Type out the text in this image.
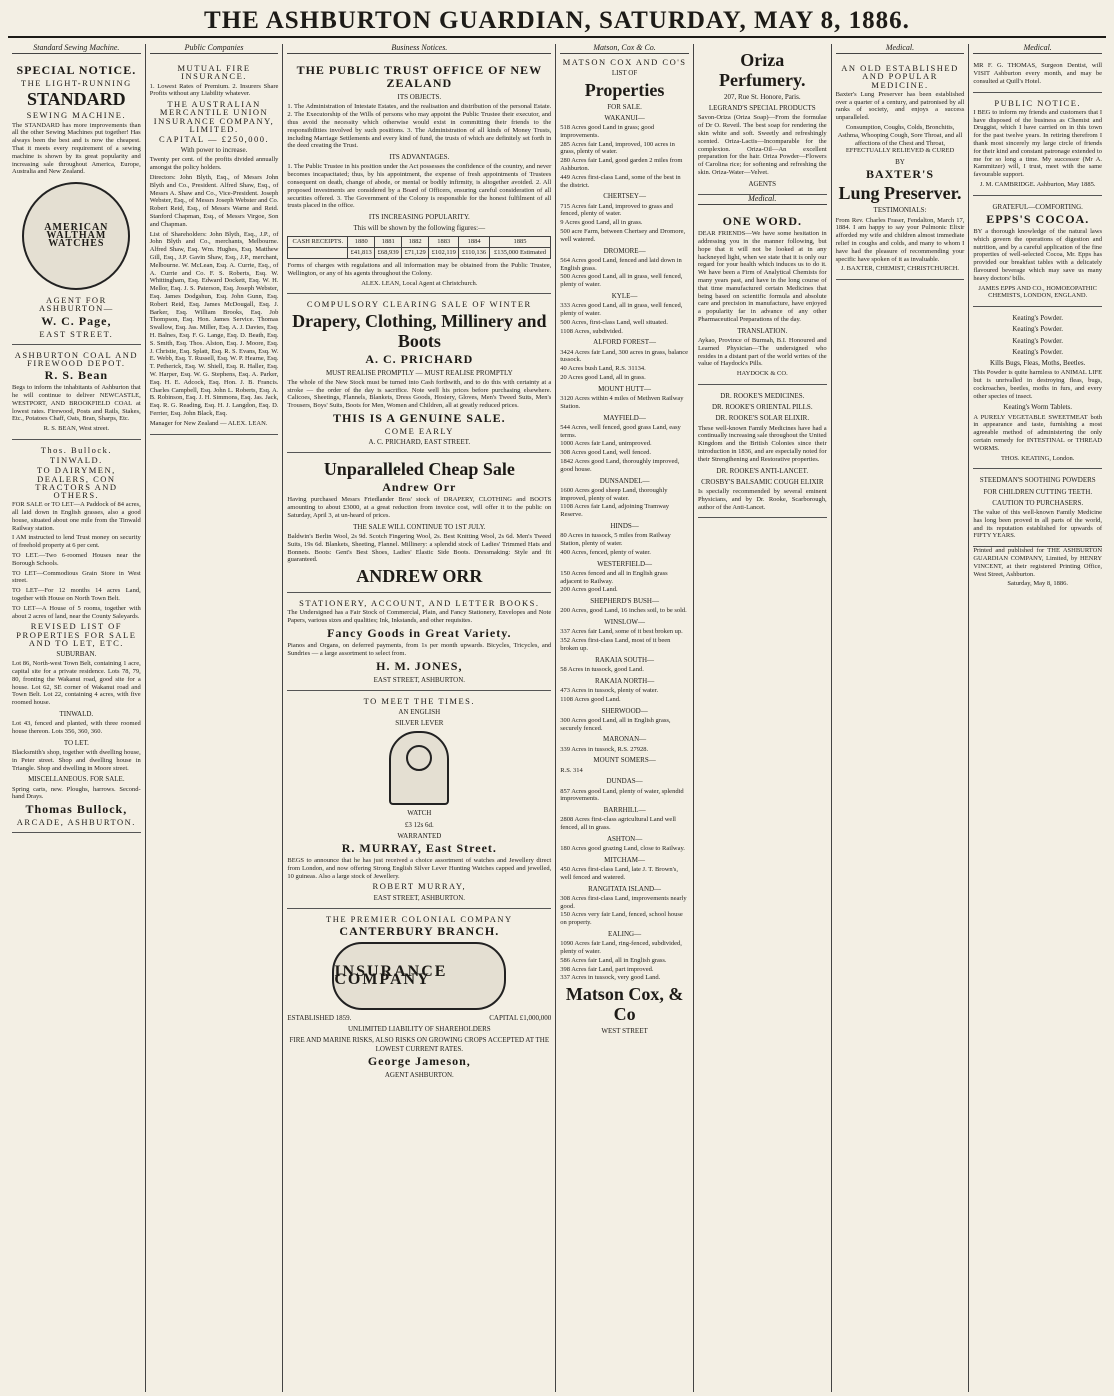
THE ASHBURTON GUARDIAN, SATURDAY, MAY 8, 1886.
Standard Sewing Machine.
SPECIAL NOTICE.
THE LIGHT-RUNNING
STANDARD
SEWING MACHINE.

The STANDARD has more improvements than all the other Sewing Machines put together! Has always been the best and is now the cheapest. That it meets every requirement of a sewing machine is shown by its great popularity and increasing sale throughout America, Europe, Australia and New Zealand.

AMERICAN WALTHAM WATCHES
AGENT FOR ASHBURTON—
W. C. Page,
EAST STREET.
ASHBURTON COAL AND FIREWOOD DEPOT.
R. S. Bean

Begs to inform the inhabitants of Ashburton that he will continue to deliver NEWCASTLE, WESTPORT, AND BROOKFIELD COAL at lowest rates. Firewood, Posts and Rails, Stakes, Etc., Potatoes Chaff, Oats, Bran, Sharps, Etc.

R. S. BEAN, West street.

Thos. Bullock.
TINWALD.
TO DAIRYMEN, DEALERS, CON TRACTORS AND OTHERS.

FOR SALE or TO LET—A Paddock of 84 acres, all laid down in English grasses, also a good house, situated about one mile from the Tinwald Railway station.

I AM instructed to lend Trust money on security of freehold property at 6 per cent.

TO LET.—Two 6-roomed Houses near the Borough Schools.

TO LET—Commodious Grain Store in West street.

TO LET—For 12 months 14 acres Land, together with House on North Town Belt.

TO LET—A House of 5 rooms, together with about 2 acres of land, near the County Saleyards.

REVISED LIST OF PROPERTIES FOR SALE AND TO LET, ETC.
SUBURBAN.

Lot 86, North-west Town Belt, containing 1 acre, capital site for a private residence. Lots 78, 79, 80, fronting the Wakanui road, good site for a house. Lot 62, SE corner of Wakanui road and Town Belt. Lot 22, containing 4 acres, with five roomed house.

TINWALD.

Lot 43, fenced and planted, with three roomed house thereon. Lots 356, 360, 360.

TO LET.

Blacksmith's shop, together with dwelling house, in Peter street. Shop and dwelling house in Triangle. Shop and dwelling in Moore street.

MISCELLANEOUS. FOR SALE.

Spring carts, new. Ploughs, harrows. Second-hand Drays.

Thomas Bullock,
ARCADE, ASHBURTON.
Public Companies
MUTUAL FIRE INSURANCE.

1. Lowest Rates of Premium. 2. Insurers Share Profits without any Liability whatever.

THE AUSTRALIAN MERCANTILE UNION INSURANCE COMPANY, LIMITED.
CAPITAL — £250,000.
With power to increase.

Twenty per cent. of the profits divided annually amongst the policy holders.

Directors: John Blyth, Esq., of Messrs John Blyth and Co., President. Alfred Shaw, Esq., of Messrs A. Shaw and Co., Vice-President. Joseph Webster, Esq., of Messrs Joseph Webster and Co. Robert Reid, Esq., of Messrs Warne and Reid. Stanford Chapman, Esq., of Messrs Virgoe, Son and Chapman.

List of Shareholders: John Blyth, Esq., J.P., of John Blyth and Co., merchants, Melbourne. Alfred Shaw, Esq. Wm. Hughes, Esq. Matthew Gill, Esq., J.P. Gavin Shaw, Esq., J.P., merchant, Melbourne. W. McLean, Esq. A. Currie, Esq., of A. Currie and Co. F. S. Roberts, Esq. W. Whittingham, Esq. Edward Dockett, Esq. W. H. Mellor, Esq. J. S. Paterson, Esq. Joseph Webster, Esq. James Dodgshun, Esq. John Gunn, Esq. Robert Reid, Esq. James McDougall, Esq. J. Barker, Esq. William Brooks, Esq. Job Thompson, Esq. Hon. James Service. Thomas Swallow, Esq. Jas. Miller, Esq. A. J. Davies, Esq. H. Balnes, Esq. F. G. Lange, Esq. D. Beath, Esq. S. Smith, Esq. Thos. Alston, Esq. J. Moore, Esq. J. Christie, Esq. Splatt, Esq. R. S. Evans, Esq. W. E. Webb, Esq. T. Russell, Esq. W. P. Hearne, Esq. T. Petherick, Esq. W. Shiell, Esq. R. Haller, Esq. W. Harper, Esq. W. G. Stephens, Esq. A. Parker, Esq. H. E. Adcock, Esq. Hon. J. B. Francis. Charles Campbell, Esq. John L. Roberts, Esq. A. B. Robinson, Esq. J. H. Simmons, Esq. Jas. Jack, Esq. R. G. Reading, Esq. H. J. Langdon, Esq. D. Ferrier, Esq. John Black, Esq.

Manager for New Zealand — ALEX. LEAN.

Business Notices.
THE PUBLIC TRUST OFFICE OF NEW ZEALAND
ITS OBJECTS.

1. The Administration of Intestate Estates, and the realisation and distribution of the personal Estate. 2. The Executorship of the Wills of persons who may appoint the Public Trustee their executor, and thus avoid the necessity which otherwise would exist in committing their friends to the responsibilities involved by such positions. 3. The Administration of all kinds of Money Trusts, including Marriage Settlements and every kind of fund, the trusts of which are definitely set forth in the deed creating the Trust.

ITS ADVANTAGES.

1. The Public Trustee in his position under the Act possesses the confidence of the country, and never becomes incapacitated; thus, by his appointment, the expense of fresh appointments of Trustees consequent on death, change of abode, or mental or bodily infirmity, is altogether avoided. 2. All proposed investments are considered by a Board of Officers, ensuring careful consideration of all securities offered. 3. The Government of the Colony is responsible for the honest fulfilment of all trusts placed in the office.

ITS INCREASING POPULARITY.
This will be shown by the following figures:—
CASH RECEIPTS.	1880	1881	1882	1883	1884	1885
	£41,813	£68,939	£71,129	£102,119	£110,136	£135,000 Estimated

Forms of charges with regulations and all information may be obtained from the Public Trustee, Wellington, or any of his agents throughout the Colony.

ALEX. LEAN, Local Agent at Christchurch.

COMPULSORY CLEARING SALE OF WINTER
Drapery, Clothing, Millinery and Boots
A. C. PRICHARD
MUST REALISE PROMPTLY — MUST REALISE PROMPTLY

The whole of the New Stock must be turned into Cash forthwith, and to do this with certainty at a stroke — the order of the day is sacrifice. Note well his prices before purchasing elsewhere. Calicoes, Sheetings, Flannels, Blankets, Dress Goods, Hosiery, Gloves, Men's Tweed Suits, Men's Trousers, Boys' Suits, Boots for Men, Women and Children, all at greatly reduced prices.

THIS IS A GENUINE SALE.
COME EARLY
A. C. PRICHARD, EAST STREET.
Unparalleled Cheap Sale
Andrew Orr

Having purchased Messrs Friedlander Bros' stock of DRAPERY, CLOTHING and BOOTS amounting to about £3000, at a great reduction from invoice cost, will offer it to the public on Saturday, April 3, at un-heard of prices.

THE SALE WILL CONTINUE TO 1ST JULY.

Baldwin's Berlin Wool, 2s 9d. Scotch Fingering Wool, 2s. Best Knitting Wool, 2s 6d. Men's Tweed Suits, 19s 6d. Blankets, Sheeting, Flannel. Millinery: a splendid stock of Ladies' Trimmed Hats and Bonnets. Boots: Gent's Best Shoes, Ladies' Elastic Side Boots. Dressmaking: Style and fit guaranteed.

ANDREW ORR
STATIONERY, ACCOUNT, AND LETTER BOOKS.

The Undersigned has a Fair Stock of Commercial, Plain, and Fancy Stationery, Envelopes and Note Papers, various sizes and qualities; Ink, Inkstands, and other requisites.

Fancy Goods in Great Variety.

Pianos and Organs, on deferred payments, from 1s per month upwards. Bicycles, Tricycles, and Sundries — a large assortment to select from.

H. M. JONES,
EAST STREET, ASHBURTON.
TO MEET THE TIMES.
AN ENGLISH
SILVER LEVER
WATCH
£3 12s 6d.
WARRANTED
R. MURRAY, East Street.

BEGS to announce that he has just received a choice assortment of watches and Jewellery direct from London, and now offering Strong English Silver Lever Hunting Watches capped and jewelled, 10 guineas. Also a large stock of Jewellery.

ROBERT MURRAY,
EAST STREET, ASHBURTON.
THE PREMIER COLONIAL COMPANY
CANTERBURY BRANCH.
INSURANCE COMPANY
ESTABLISHED 1859.	CAPITAL £1,000,000
UNLIMITED LIABILITY OF SHAREHOLDERS
FIRE AND MARINE RISKS, ALSO RISKS ON GROWING CROPS ACCEPTED AT THE LOWEST CURRENT RATES.
George Jameson,
AGENT ASHBURTON.
Matson, Cox & Co.
MATSON COX AND CO'S
LIST OF
Properties
FOR SALE.
WAKANUI—

518 Acres good Land in grass; good improvements.

285 Acres fair Land, improved, 100 acres in grass, plenty of water.

280 Acres fair Land, good garden 2 miles from Ashburton.

449 Acres first-class Land, some of the best in the district.

CHERTSEY—

715 Acres fair Land, improved to grass and fenced, plenty of water.

9 Acres good Land, all in grass.

500 acre Farm, between Chertsey and Dromore, well watered.

DROMORE—

564 Acres good Land, fenced and laid down in English grass.

500 Acres good Land, all in grass, well fenced, plenty of water.

KYLE—

333 Acres good Land, all in grass, well fenced, plenty of water.

500 Acres, first-class Land, well situated.

1108 Acres, subdivided.

ALFORD FOREST—

3424 Acres fair Land, 300 acres in grass, balance tussock.

40 Acres bush Land, R.S. 31134.

20 Acres good Land, all in grass.

MOUNT HUTT—

3120 Acres within 4 miles of Methven Railway Station.

MAYFIELD—

544 Acres, well fenced, good grass Land, easy terms.

1000 Acres fair Land, unimproved.

308 Acres good Land, well fenced.

1842 Acres good Land, thoroughly improved, good house.

DUNSANDEL—

1600 Acres good sheep Land, thoroughly improved, plenty of water.

1108 Acres fair Land, adjoining Tramway Reserve.

HINDS—

80 Acres in tussock, 5 miles from Railway Station, plenty of water.

400 Acres, fenced, plenty of water.

WESTERFIELD—

150 Acres fenced and all in English grass adjacent to Railway.

200 Acres good Land.

SHEPHERD'S BUSH—

200 Acres, good Land, 16 inches soil, to be sold.

WINSLOW—

337 Acres fair Land, some of it best broken up.

352 Acres first-class Land, most of it been broken up.

RAKAIA SOUTH—

58 Acres in tussock, good Land.

RAKAIA NORTH—

473 Acres in tussock, plenty of water.

1108 Acres good Land.

SHERWOOD—

300 Acres good Land, all in English grass, securely fenced.

MARONAN—

339 Acres in tussock, R.S. 27928.

MOUNT SOMERS—

R.S. 314

DUNDAS—

857 Acres good Land, plenty of water, splendid improvements.

BARRHILL—

2808 Acres first-class agricultural Land well fenced, all in grass.

ASHTON—

180 Acres good grazing Land, close to Railway.

MITCHAM—

450 Acres first-class Land, late J. T. Brown's, well fenced and watered.

RANGITATA ISLAND—

308 Acres first-class Land, improvements nearly good.

150 Acres very fair Land, fenced, school house on property.

EALING—

1090 Acres fair Land, ring-fenced, subdivided, plenty of water.

586 Acres fair Land, all in English grass.

398 Acres fair Land, part improved.

337 Acres in tussock, very good Land.

Matson Cox, & Co
WEST STREET
Oriza Perfumery.
207, Rue St. Honore, Paris.
LEGRAND'S SPECIAL PRODUCTS

Savon-Oriza (Oriza Soap)—From the formulae of Dr O. Reveil. The best soap for rendering the skin white and soft. Sweetly and refreshingly scented. Oriza-Lactis—Incomparable for the complexion. Oriza-Oil—An excellent preparation for the hair. Oriza Powder—Flowers of Carolina rice; for softening and refreshing the skin. Oriza-Water—Velvet.

AGENTS
Medical.
ONE WORD.

DEAR FRIENDS—We have some hesitation in addressing you in the manner following, but hope that it will not be looked at in any hackneyed light, when we state that it is only our regard for your health which induces us to do it. We have been a Firm of Analytical Chemists for many years past, and have in the long course of that time manufactured certain Medicines that being based on scientific formula and absolute care and precision in manufacture, have enjoyed a popularity far in advance of any other Pharmaceutical Preparations of the day.

TRANSLATION.

Aykao, Province of Burmah, B.I. Honoured and Learned Physician—The undersigned who resides in a distant part of the world writes of the value of Haydock's Pills.

HAYDOCK & CO.

DR. ROOKE'S MEDICINES.
DR. ROOKE'S ORIENTAL PILLS.
DR. ROOKE'S SOLAR ELIXIR.

These well-known Family Medicines have had a continually increasing sale throughout the United Kingdom and the British Colonies since their introduction in 1836, and are especially noted for their Strengthening and Restorative properties.

DR. ROOKE'S ANTI-LANCET.
CROSBY'S BALSAMIC COUGH ELIXIR

Is specially recommended by several eminent Physicians, and by Dr. Rooke, Scarborough, author of the Anti-Lancet.

Medical.
AN OLD ESTABLISHED AND POPULAR MEDICINE.

Baxter's Lung Preserver has been established over a quarter of a century, and patronised by all ranks of society, and enjoys a success unparalleled.

Consumption, Coughs, Colds, Bronchitis, Asthma, Whooping Cough, Sore Throat, and all affections of the Chest and Throat, EFFECTUALLY RELIEVED & CURED

BY
BAXTER'S
Lung Preserver.
TESTIMONIALS:

From Rev. Charles Fraser, Fendalton, March 17, 1884. I am happy to say your Pulmonic Elixir afforded my wife and children almost immediate relief in coughs and colds, and many to whom I have had the pleasure of recommending your specific have spoken of it as invaluable.

J. BAXTER, CHEMIST, CHRISTCHURCH.

Medical.

MR F. G. THOMAS, Surgeon Dentist, will VISIT Ashburton every month, and may be consulted at Quill's Hotel.

PUBLIC NOTICE.

I BEG to inform my friends and customers that I have disposed of the business as Chemist and Druggist, which I have carried on in this town for the past twelve years. In retiring therefrom I thank most sincerely my large circle of friends for their kind and constant patronage extended to me for so long a time. My successor (Mr A. Kammitzer) will, I trust, meet with the same favourable support.

J. M. CAMBRIDGE. Ashburton, May 1885.

GRATEFUL—COMFORTING.
EPPS'S COCOA.

BY a thorough knowledge of the natural laws which govern the operations of digestion and nutrition, and by a careful application of the fine properties of well-selected Cocoa, Mr. Epps has provided our breakfast tables with a delicately flavoured beverage which may save us many heavy doctors' bills.

JAMES EPPS AND CO., HOMOEOPATHIC CHEMISTS, LONDON, ENGLAND.

Keating's Powder.
Keating's Powder.
Keating's Powder.
Keating's Powder.
Kills Bugs, Fleas, Moths, Beetles.

This Powder is quite harmless to ANIMAL LIFE but is unrivalled in destroying fleas, bugs, cockroaches, beetles, moths in furs, and every other species of insect.

Keating's Worm Tablets.

A PURELY VEGETABLE SWEETMEAT both in appearance and taste, furnishing a most agreeable method of administering the only certain remedy for INTESTINAL or THREAD WORMS.

THOS. KEATING, London.

STEEDMAN'S SOOTHING POWDERS
FOR CHILDREN CUTTING TEETH.
CAUTION TO PURCHASERS.

The value of this well-known Family Medicine has long been proved in all parts of the world, and its reputation established for upwards of FIFTY YEARS.

Printed and published for THE ASHBURTON GUARDIAN COMPANY, Limited, by HENRY VINCENT, at their registered Printing Office, West Street, Ashburton.

Saturday, May 8, 1886.
